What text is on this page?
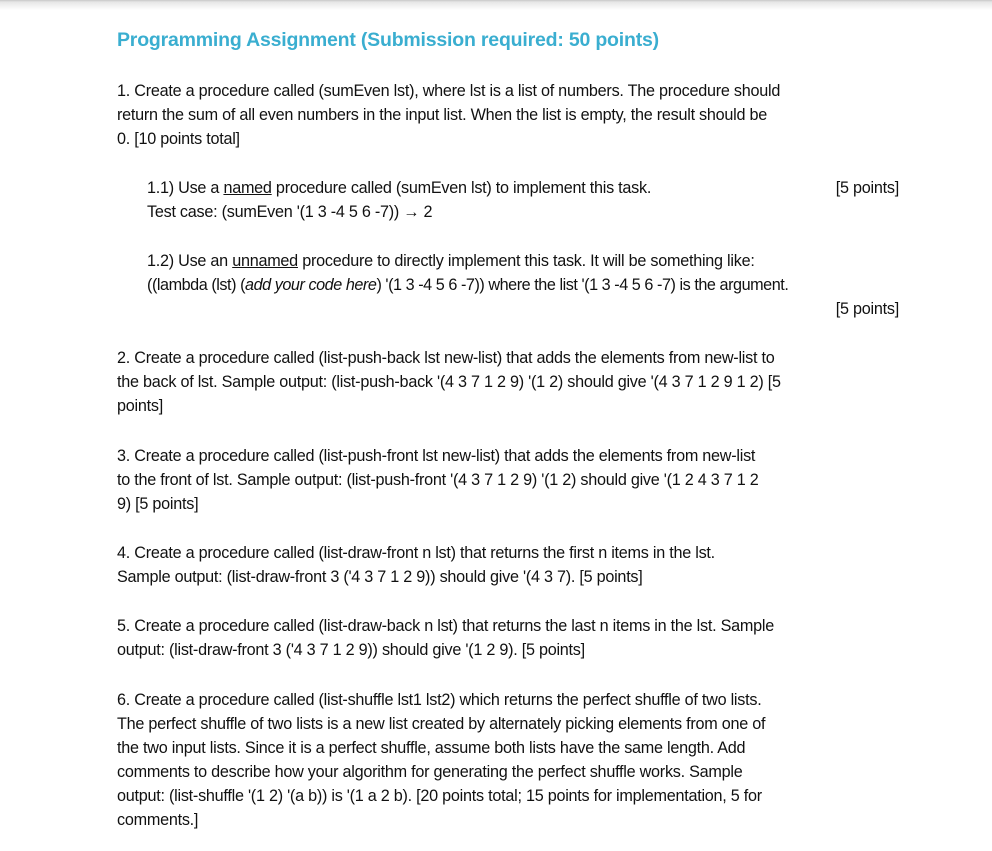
Programming Assignment (Submission required: 50 points)
1. Create a procedure called (sumEven lst), where lst is a list of numbers. The procedure should
return the sum of all even numbers in the input list. When the list is empty, the result should be
0. [10 points total]
1.1) Use a named procedure called (sumEven lst) to implement this task.	[5 points]
Test case: (sumEven '(1 3 -4 5 6 -7)) → 2
1.2) Use an unnamed procedure to directly implement this task. It will be something like:
((lambda (lst) (add your code here) '(1 3 -4 5 6 -7)) where the list '(1 3 -4 5 6 -7) is the argument.
[5 points]
2. Create a procedure called (list-push-back lst new-list) that adds the elements from new-list to
the back of lst. Sample output: (list-push-back '(4 3 7 1 2 9) '(1 2) should give '(4 3 7 1 2 9 1 2) [5
points]
3. Create a procedure called (list-push-front lst new-list) that adds the elements from new-list
to the front of lst. Sample output: (list-push-front '(4 3 7 1 2 9) '(1 2) should give '(1 2 4 3 7 1 2
9) [5 points]
4. Create a procedure called (list-draw-front n lst) that returns the first n items in the lst.
Sample output: (list-draw-front 3 ('4 3 7 1 2 9)) should give '(4 3 7). [5 points]
5. Create a procedure called (list-draw-back n lst) that returns the last n items in the lst. Sample
output: (list-draw-front 3 ('4 3 7 1 2 9)) should give '(1 2 9). [5 points]
6. Create a procedure called (list-shuffle lst1 lst2) which returns the perfect shuffle of two lists.
The perfect shuffle of two lists is a new list created by alternately picking elements from one of
the two input lists. Since it is a perfect shuffle, assume both lists have the same length. Add
comments to describe how your algorithm for generating the perfect shuffle works. Sample
output: (list-shuffle '(1 2) '(a b)) is '(1 a 2 b). [20 points total; 15 points for implementation, 5 for
comments.]
